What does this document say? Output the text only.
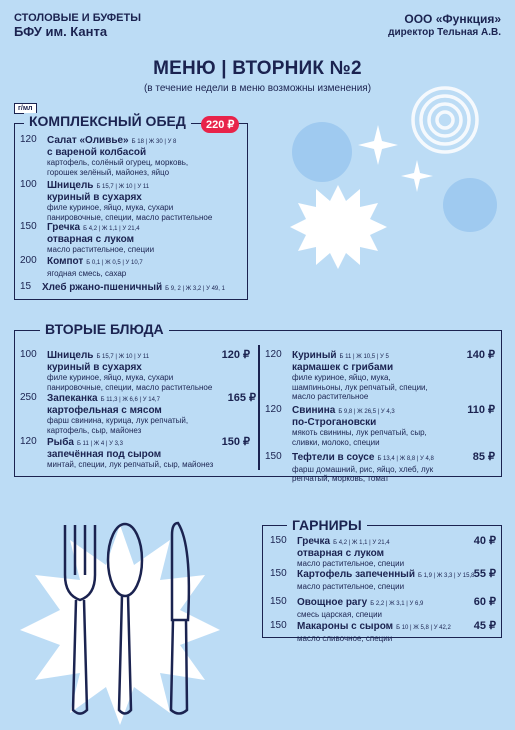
СТОЛОВЫЕ И БУФЕТЫ
БФУ им. Канта
ООО «Функция»
директор Тельная А.В.
МЕНЮ | ВТОРНИК №2
(в течение недели в меню возможны изменения)
г/мл
КОМПЛЕКСНЫЙ ОБЕД	220 ₽
120	Салат «Оливье» Б 18 | Ж 30 | У 8
с вареной колбасой
картофель, солёный огурец, морковь,
горошек зелёный, майонез, яйцо
100	Шницель Б 15,7 | Ж 10 | У 11
куриный в сухарях
филе куриное, яйцо, мука, сухари
панировочные, специи, масло растительное
150	Гречка Б 4,2 | Ж 1,1 | У 21,4
отварная с луком
масло растительное, специи
200	Компот Б 0,1 | Ж 0,5 | У 10,7
ягодная смесь, сахар
15	Хлеб ржано-пшеничный Б 9, 2 | Ж 3,2 | У 49, 1
ВТОРЫЕ БЛЮДА
100	Шницель Б 15,7 | Ж 10 | У 11
куриный в сухарях
филе куриное, яйцо, мука, сухари
панировочные, специи, масло растительное
120 ₽
250	Запеканка Б 11,3 | Ж 6,6 | У 14,7
картофельная с мясом
фарш свинина, курица, лук репчатый,
картофель, сыр, майонез
165 ₽
120	Рыба Б 11 | Ж 4 | У 3,3
запечённая под сыром
минтай, специи, лук репчатый, сыр, майонез
150 ₽
120	Куриный Б 11 | Ж 10,5 | У 5
кармашек с грибами
филе куриное, яйцо, мука,
шампиньоны, лук репчатый, специи,
масло растительное
140 ₽
120	Свинина Б 9,8 | Ж 26,5 | У 4,3
по-Строгановски
мякоть свинины, лук репчатый, сыр,
сливки, молоко, специи
110 ₽
150	Тефтели в соусе Б 13,4 | Ж 8,8 | У 4,8
фарш домашний, рис, яйцо, хлеб, лук
репчатый, морковь, томат
85 ₽
ГАРНИРЫ
150	Гречка Б 4,2 | Ж 1,1 | У 21,4
отварная с луком
масло растительное, специи
40 ₽
150	Картофель запеченный Б 1,9 | Ж 3,3 | У 15,8
масло растительное, специи
55 ₽
150	Овощное рагу Б 2,2 | Ж 3,1 | У 6,9
смесь царская, специи
60 ₽
150	Макароны с сыром Б 10 | Ж 5,8 | У 42,2
масло сливочное, специи
45 ₽
